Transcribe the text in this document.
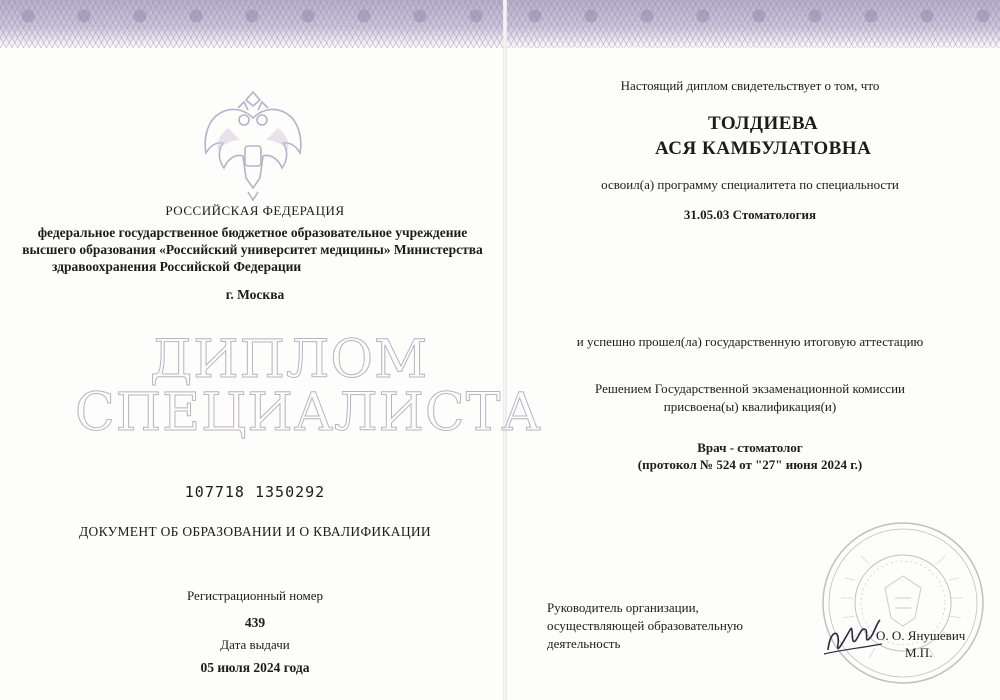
РОССИЙСКАЯ ФЕДЕРАЦИЯ
федеральное государственное бюджетное образовательное учреждение
высшего образования «Российский университет медицины» Министерства
здравоохранения Российской Федерации
г. Москва
ДИПЛОМ
СПЕЦИАЛИСТА
107718 1350292
ДОКУМЕНТ ОБ ОБРАЗОВАНИИ И О КВАЛИФИКАЦИИ
Регистрационный номер
439
Дата выдачи
05 июля 2024 года
Настоящий диплом свидетельствует о том, что
ТОЛДИЕВА
АСЯ КАМБУЛАТОВНА
освоил(а) программу специалитета по специальности
31.05.03 Стоматология
и успешно прошел(ла) государственную итоговую аттестацию
Решением Государственной экзаменационной комиссии
присвоена(ы) квалификация(и)
Врач - стоматолог
(протокол № 524 от "27" июня 2024 г.)
Руководитель организации,
осуществляющей образовательную
деятельность
О. О. Янушевич
М.П.
